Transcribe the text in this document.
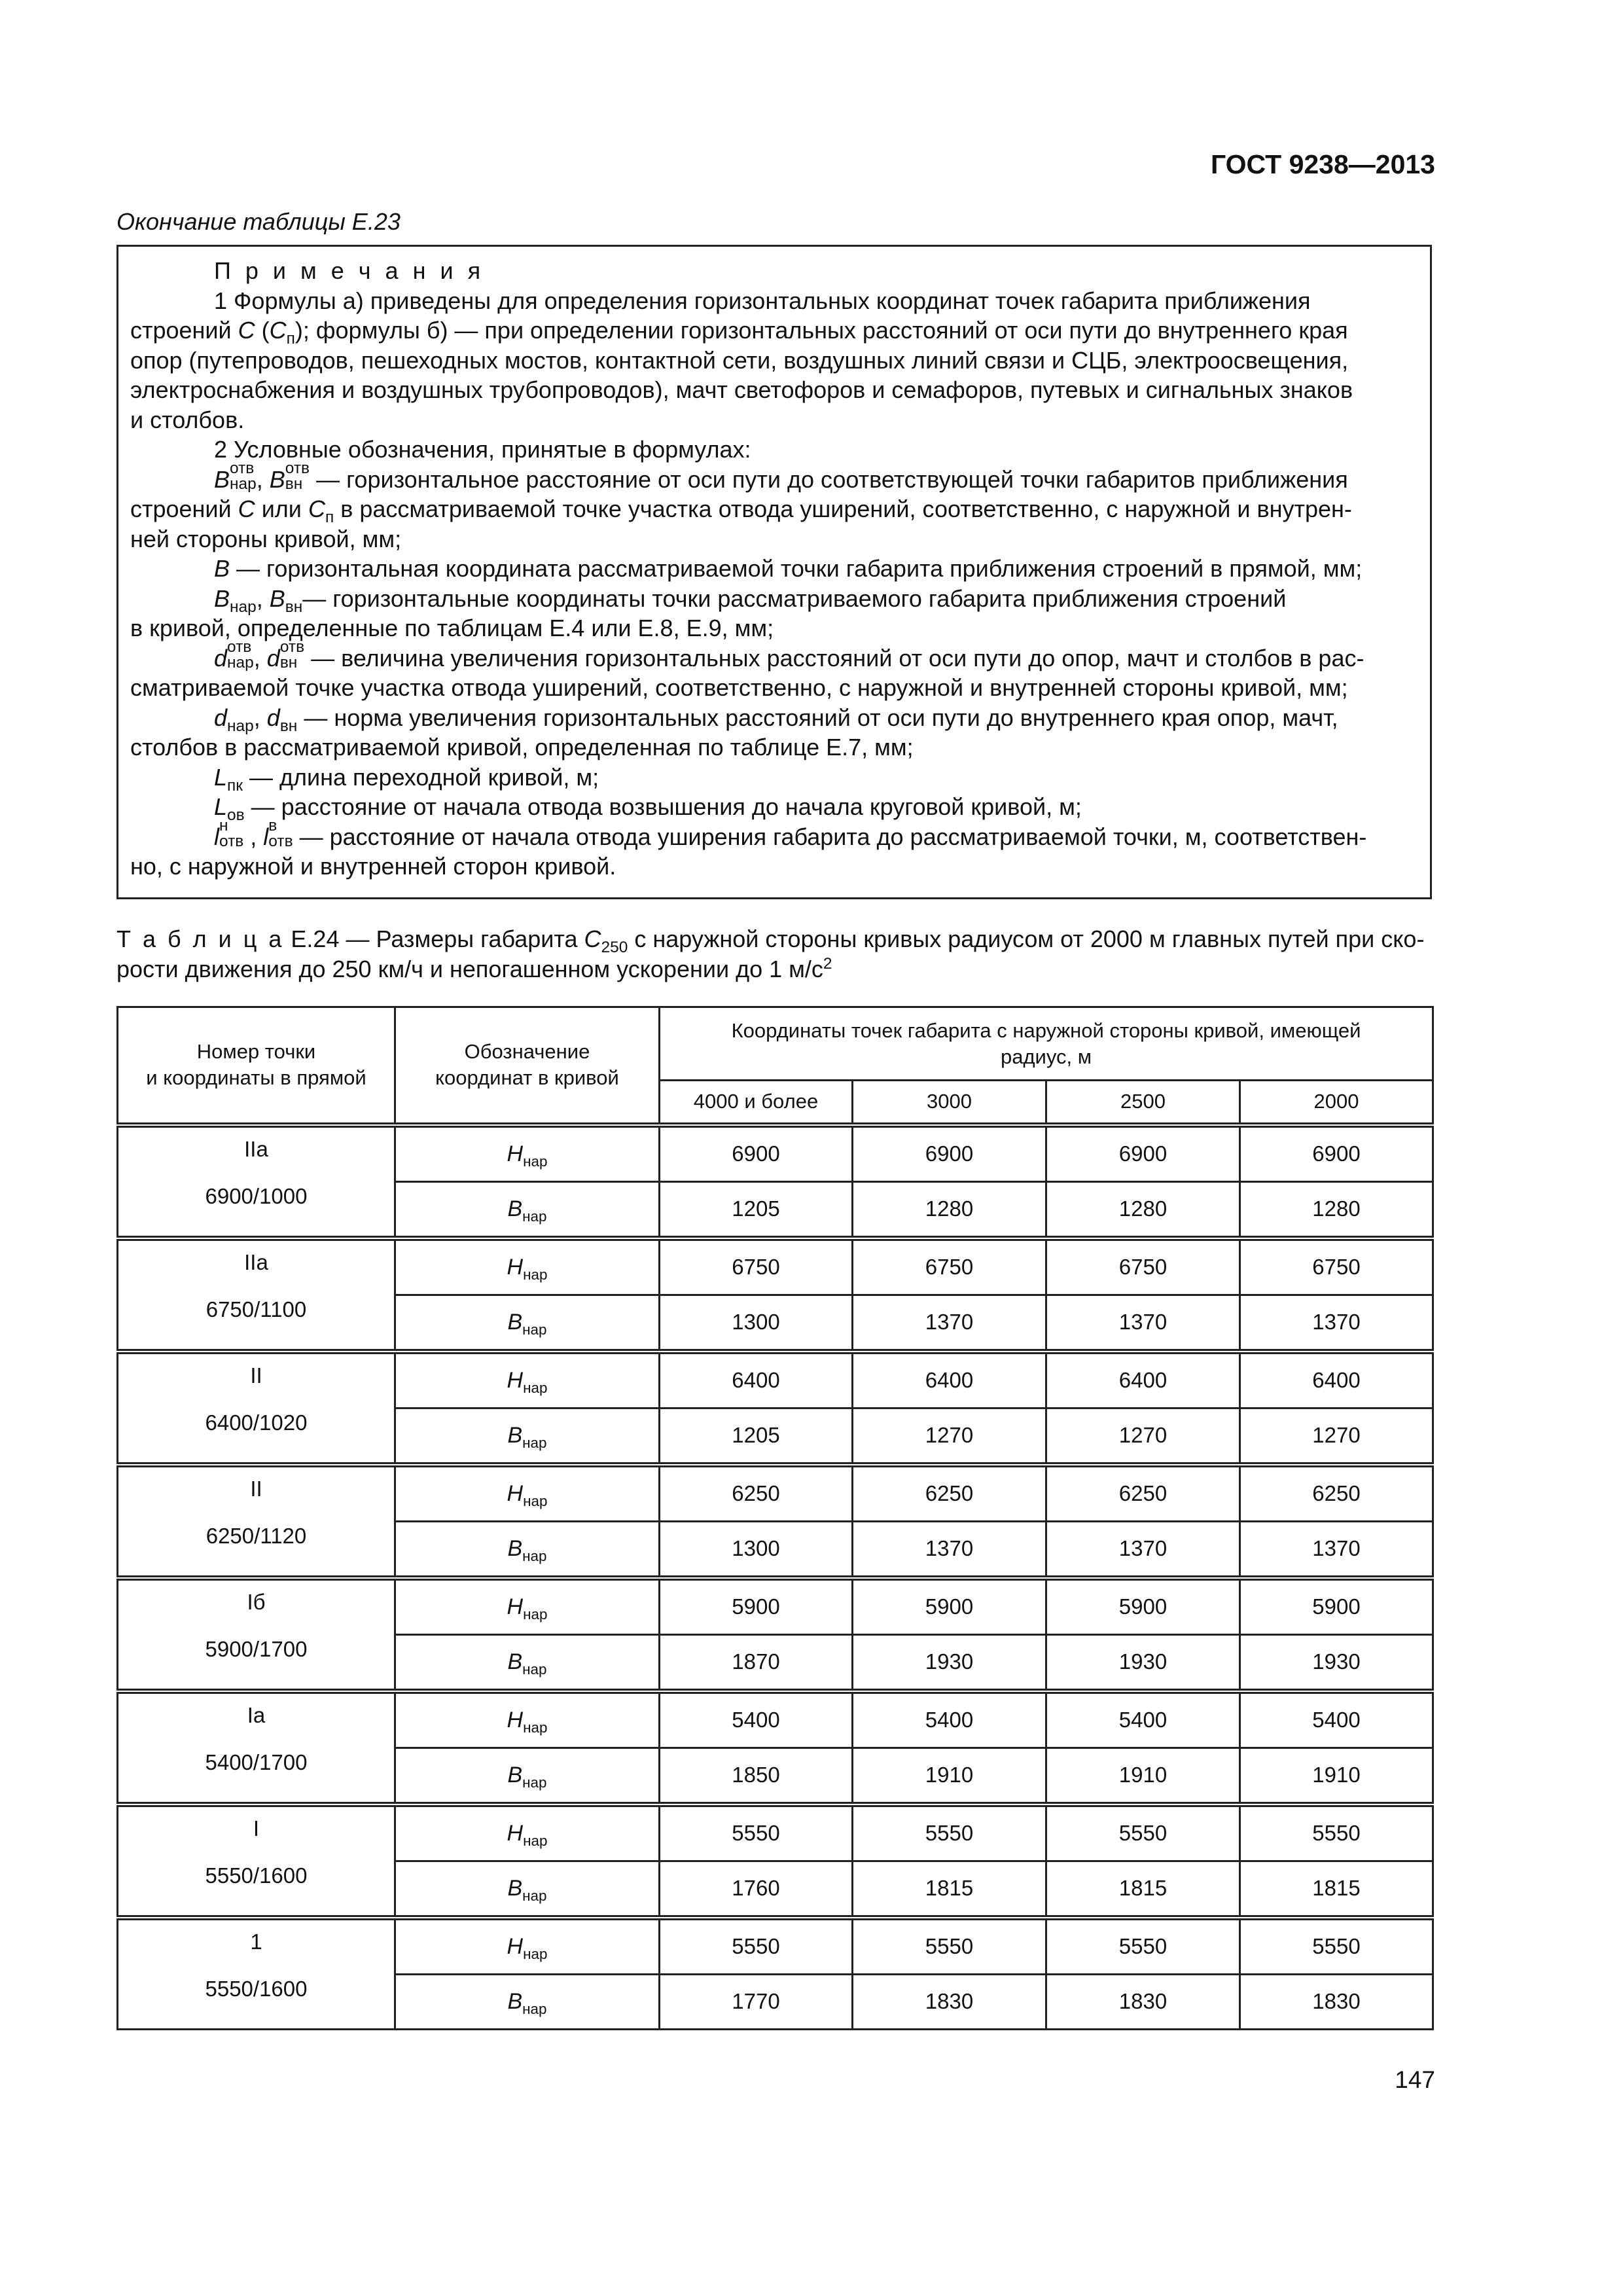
ГОСТ 9238—2013
Окончание таблицы Е.23
П р и м е ч а н и я
1 Формулы а) приведены для определения горизонтальных координат точек габарита приближения
строений С $(С_п)$; формулы б) — при определении горизонтальных расстояний от оси пути до внутреннего края
опор (путепроводов, пешеходных мостов, контактной сети, воздушных линий связи и СЦБ, электроосвещения,
электроснабжения и воздушных трубопроводов), мачт светофоров и семафоров, путевых и сигнальных знаков
и столбов.
2 Условные обозначения, принятые в формулах:
B отв
нар , B отв
вн — горизонтальное расстояние от оси пути до соответствующей точки габаритов приближения
строений С или $С_п$ в рассматриваемой точке участка отвода уширений, соответственно, с наружной и внутрен-
ней стороны кривой, мм;
B — горизонтальная координата рассматриваемой точки габарита приближения строений в прямой, мм;
$B_{нар}$, $B_{вн}—$ горизонтальные координаты точки рассматриваемого габарита приближения строений
в кривой, определенные по таблицам Е.4 или Е.8, Е.9, мм;
d отв
нар , d отв
вн — величина увеличения горизонтальных расстояний от оси пути до опор, мачт и столбов в рас-
сматриваемой точке участка отвода уширений, соответственно, с наружной и внутренней стороны кривой, мм;
$d_{нар}$, $d_{вн}$ — норма увеличения горизонтальных расстояний от оси пути до внутреннего края опор, мачт,
столбов в рассматриваемой кривой, определенная по таблице Е.7, мм;
$L_{пк}$ — длина переходной кривой, м;
$L_{ов}$ — расстояние от начала отвода возвышения до начала круговой кривой, м;
l н
отв , l в
отв — расстояние от начала отвода уширения габарита до рассматриваемой точки, м, соответствен-
но, с наружной и внутренней сторон кривой.
Т а б л и ц а Е.24 — Размеры габарита $С_{250}$ с наружной стороны кривых радиусом от 2000 м главных путей при ско-
рости движения до 250 км/ч и непогашенном ускорении до 1 $м/с^2$
Номер точки
и координаты в прямой	Обозначение
координат в кривой	Координаты точек габарита с наружной стороны кривой, имеющей
радиус, м			
		4000 и более	3000	2500	2000

IIа
6900/1000	$H_{нар}$	6900	6900	6900	6900
	$B_{нар}$	1205	1280	1280	1280

IIа
6750/1100	$H_{нар}$	6750	6750	6750	6750
	$B_{нар}$	1300	1370	1370	1370

II
6400/1020	$H_{нар}$	6400	6400	6400	6400
	$B_{нар}$	1205	1270	1270	1270

II
6250/1120	$H_{нар}$	6250	6250	6250	6250
	$B_{нар}$	1300	1370	1370	1370

Iб
5900/1700	$H_{нар}$	5900	5900	5900	5900
	$B_{нар}$	1870	1930	1930	1930

Iа
5400/1700	$H_{нар}$	5400	5400	5400	5400
	$B_{нар}$	1850	1910	1910	1910

I
5550/1600	$H_{нар}$	5550	5550	5550	5550
	$B_{нар}$	1760	1815	1815	1815

1
5550/1600	$H_{нар}$	5550	5550	5550	5550
	$B_{нар}$	1770	1830	1830	1830
147
